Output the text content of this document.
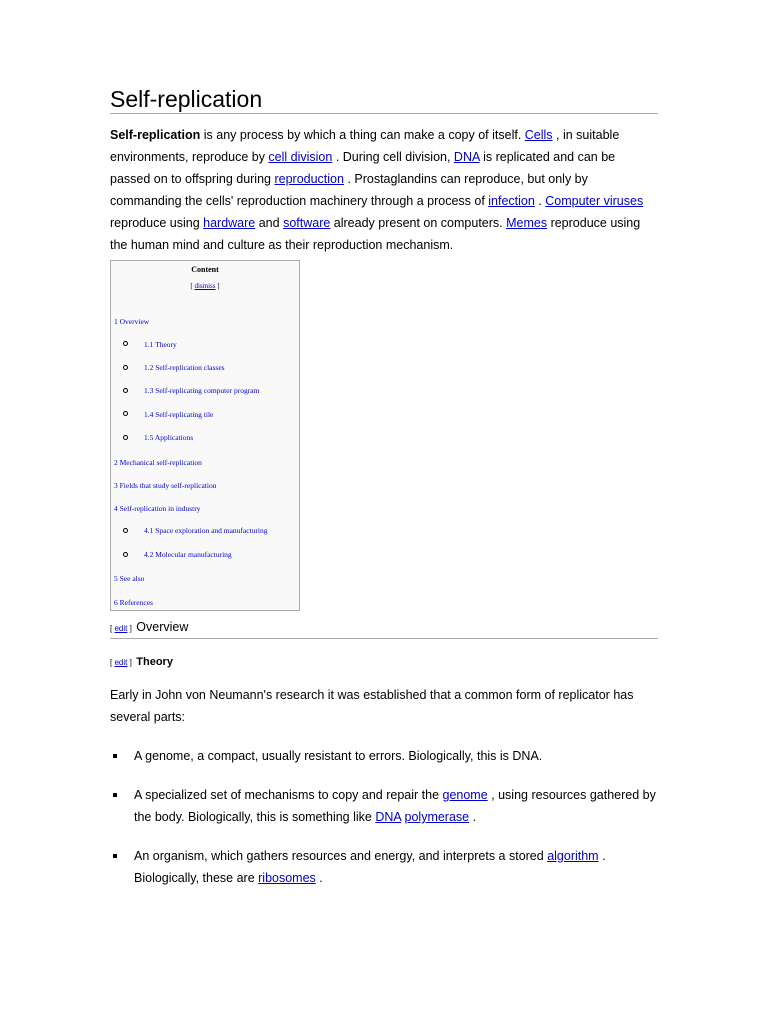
Self-replication

Self-replication is any process by which a thing can make a copy of itself. Cells , in suitable environments, reproduce by cell division . During cell division, DNA is replicated and can be passed on to offspring during reproduction . Prostaglandins can reproduce, but only by commanding the cells' reproduction machinery through a process of infection . Computer viruses reproduce using hardware and software already present on computers. Memes reproduce using the human mind and culture as their reproduction mechanism.

Content
[ dismiss ]
1 Overview
1.1 Theory
1.2 Self-replication classes
1.3 Self-replicating computer program
1.4 Self-replicating tile
1.5 Applications
2 Mechanical self-replication
3 Fields that study self-replication
4 Self-replication in industry
4.1 Space exploration and manufacturing
4.2 Molecular manufacturing
5 See also
6 References
[ edit ] Overview
[ edit ] Theory

Early in John von Neumann's research it was established that a common form of replicator has several parts:

A genome, a compact, usually resistant to errors. Biologically, this is DNA.
A specialized set of mechanisms to copy and repair the genome , using resources gathered by the body. Biologically, this is something like DNA polymerase .
An organism, which gathers resources and energy, and interprets a stored algorithm . Biologically, these are ribosomes .
